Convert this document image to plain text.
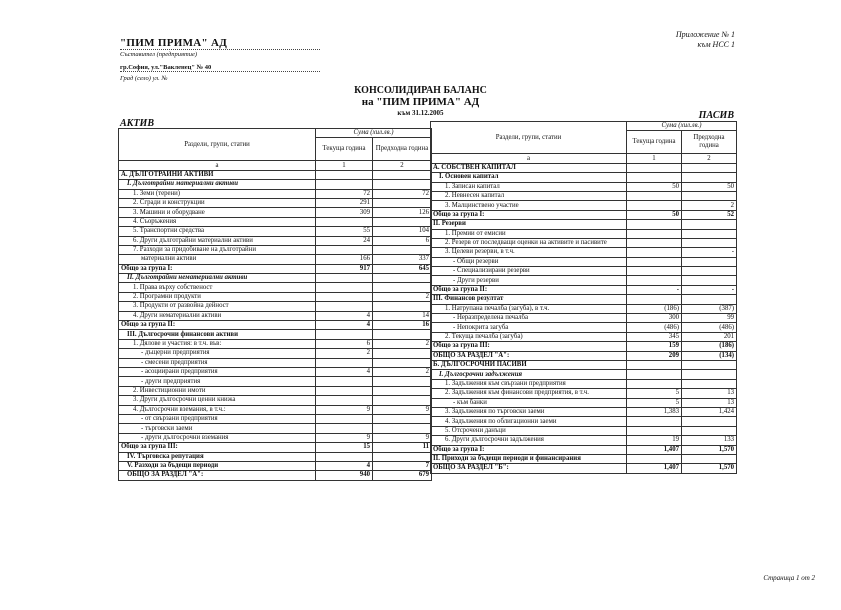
Приложение № 1
към НСС 1
"ПИМ ПРИМА" АД
Съставител (предприятие)
гр.София, ул."Вакленец" № 40
Град (село) ул. №
КОНСОЛИДИРАН БАЛАНС
на "ПИМ ПРИМА" АД
към 31.12.2005
АКТИВ
ПАСИВ
Раздели, групи, статии	Сума (хил.лв.)	
	Текуща година	Предходна година
а	1	2
А. ДЪЛГОТРАЙНИ АКТИВИ		
I. Дълготрайни материални активи		
1. Земи (терени)	72	72
2. Сгради и конструкции	291	
3. Машини и оборудване	309	126
4. Съоръжения		
5. Транспортни средства	55	104
6. Други дълготрайни материални активи	24	6
7. Разходи за придобиване на дълготрайни		
материални активи	166	337
Общо за група I:	917	645
II. Дълготрайни нематериални активи		
1. Права върху собственост		
2. Програмни продукти		2
3. Продукти от развойна дейност		
4. Други нематериални активи	4	14
Общо за група II:	4	16
III. Дългосрочни финансови активи		
1. Дялове и участия: в т.ч. във:	6	2
- дъщерни предприятия	2	
- смесени предприятия		
- асоциирани предприятия	4	2
- други предприятия		
2. Инвестиционни имоти		
3. Други дългосрочни ценни книжа		
4. Дългосрочни вземания, в т.ч.:	9	9
- от свързани предприятия		
- търговски заеми		
- други дългосрочни вземания	9	9
Общо за група III:	15	11
IV. Търговска репутация		
V. Разходи за бъдещи периоди	4	7
ОБЩО ЗА РАЗДЕЛ "А":	940	679
Раздели, групи, статии	Сума (хил.лв.)	
	Текуща година	Предходна година
а	1	2
А. СОБСТВЕН КАПИТАЛ		
I. Основен капитал		
1. Записан капитал	50	50
2. Невнесен капитал		
3. Малцинствено участие		2
Общо за група I:	50	52
II. Резерви		
1. Премии от емисии		
2. Резерв от последващи оценки на активите и пасивите		
3. Целеви резерви, в т.ч.		-
- Общи резерви		
- Специализирани резерви		
- Други резерви		
Общо за група II:	-	-
III. Финансов резултат		
1. Натрупана печалба (загуба), в т.ч.	(186)	(387)
- Неразпределена печалба	300	99
- Непокрита загуба	(486)	(486)
2. Текуща печалба (загуба)	345	201
Общо за група III:	159	(186)
ОБЩО ЗА РАЗДЕЛ "А":	209	(134)
Б. ДЪЛГОСРОЧНИ ПАСИВИ		
I. Дългосрочни задължения		
1. Задължения към свързани предприятия		
2. Задължения към финансови предприятия, в т.ч.	5	13
- към банки	5	13
3. Задължения по търговски заеми	1,383	1,424
4. Задължения по облигационни заеми		
5. Отсрочени данъци		
6. Други дългосрочни задължения	19	133
Общо за група I:	1,407	1,570
II. Приходи за бъдещи периоди и финансирания		
ОБЩО ЗА РАЗДЕЛ "Б":	1,407	1,570
Страница 1 от 2
